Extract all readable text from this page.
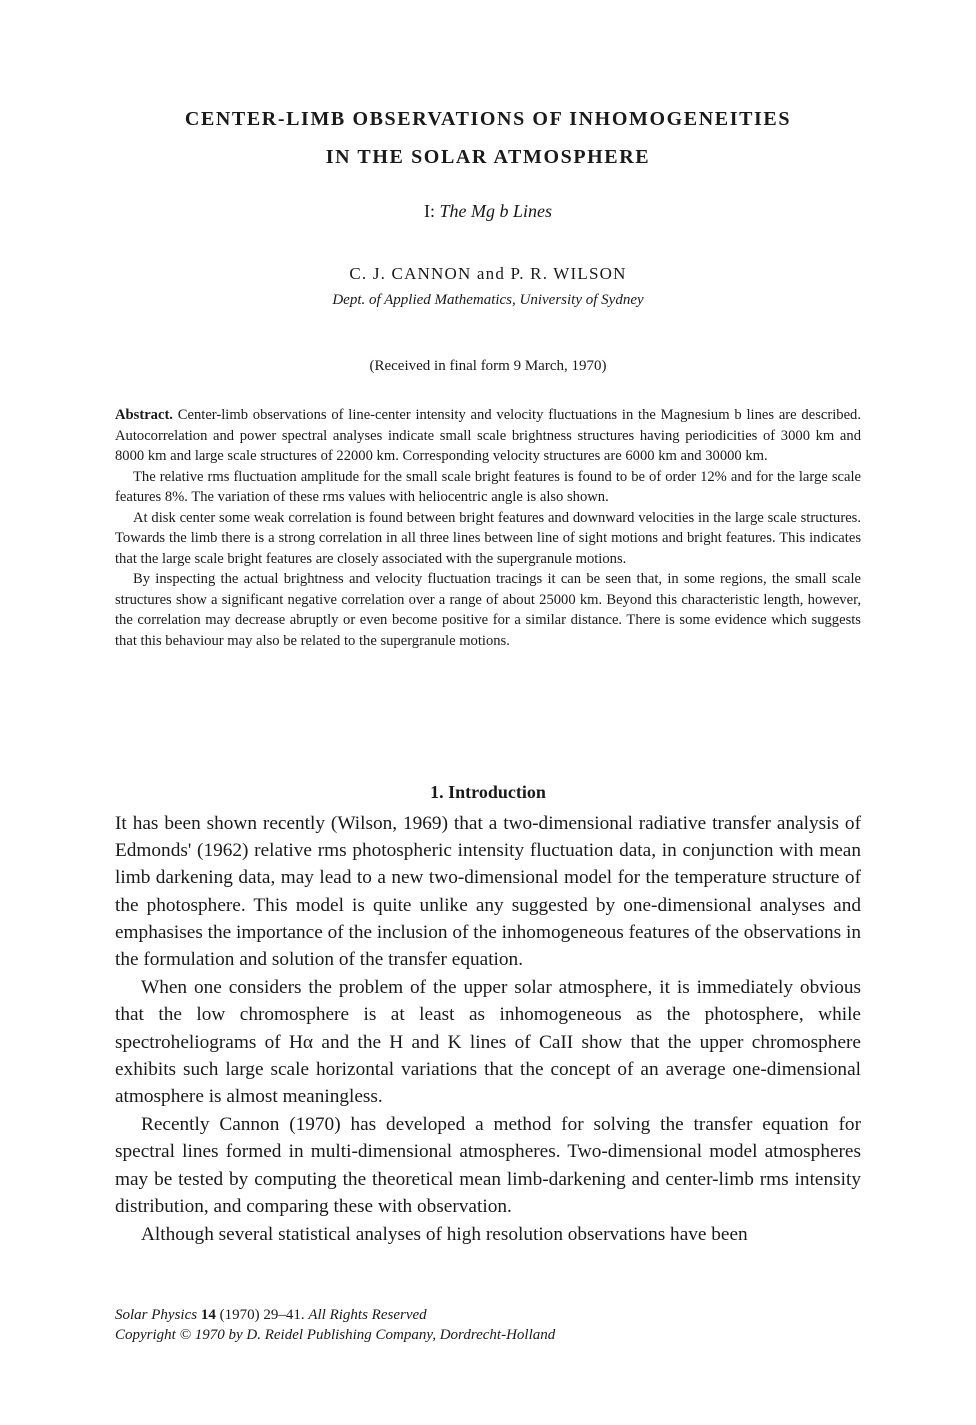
CENTER-LIMB OBSERVATIONS OF INHOMOGENEITIES
IN THE SOLAR ATMOSPHERE
I: The Mg b Lines
C. J. CANNON and P. R. WILSON
Dept. of Applied Mathematics, University of Sydney
(Received in final form 9 March, 1970)

Abstract. Center-limb observations of line-center intensity and velocity fluctuations in the Magnesium b lines are described. Autocorrelation and power spectral analyses indicate small scale brightness structures having periodicities of 3000 km and 8000 km and large scale structures of 22000 km. Corresponding velocity structures are 6000 km and 30000 km.

The relative rms fluctuation amplitude for the small scale bright features is found to be of order 12% and for the large scale features 8%. The variation of these rms values with heliocentric angle is also shown.

At disk center some weak correlation is found between bright features and downward velocities in the large scale structures. Towards the limb there is a strong correlation in all three lines between line of sight motions and bright features. This indicates that the large scale bright features are closely associated with the supergranule motions.

By inspecting the actual brightness and velocity fluctuation tracings it can be seen that, in some regions, the small scale structures show a significant negative correlation over a range of about 25000 km. Beyond this characteristic length, however, the correlation may decrease abruptly or even become positive for a similar distance. There is some evidence which suggests that this behaviour may also be related to the supergranule motions.

1. Introduction

It has been shown recently (Wilson, 1969) that a two-dimensional radiative transfer analysis of Edmonds' (1962) relative rms photospheric intensity fluctuation data, in conjunction with mean limb darkening data, may lead to a new two-dimensional model for the temperature structure of the photosphere. This model is quite unlike any suggested by one-dimensional analyses and emphasises the importance of the inclusion of the inhomogeneous features of the observations in the formulation and solution of the transfer equation.

When one considers the problem of the upper solar atmosphere, it is immediately obvious that the low chromosphere is at least as inhomogeneous as the photosphere, while spectroheliograms of Hα and the H and K lines of CaII show that the upper chromosphere exhibits such large scale horizontal variations that the concept of an average one-dimensional atmosphere is almost meaningless.

Recently Cannon (1970) has developed a method for solving the transfer equation for spectral lines formed in multi-dimensional atmospheres. Two-dimensional model atmospheres may be tested by computing the theoretical mean limb-darkening and center-limb rms intensity distribution, and comparing these with observation.

Although several statistical analyses of high resolution observations have been

Solar Physics 14 (1970) 29–41. All Rights Reserved
Copyright © 1970 by D. Reidel Publishing Company, Dordrecht-Holland
